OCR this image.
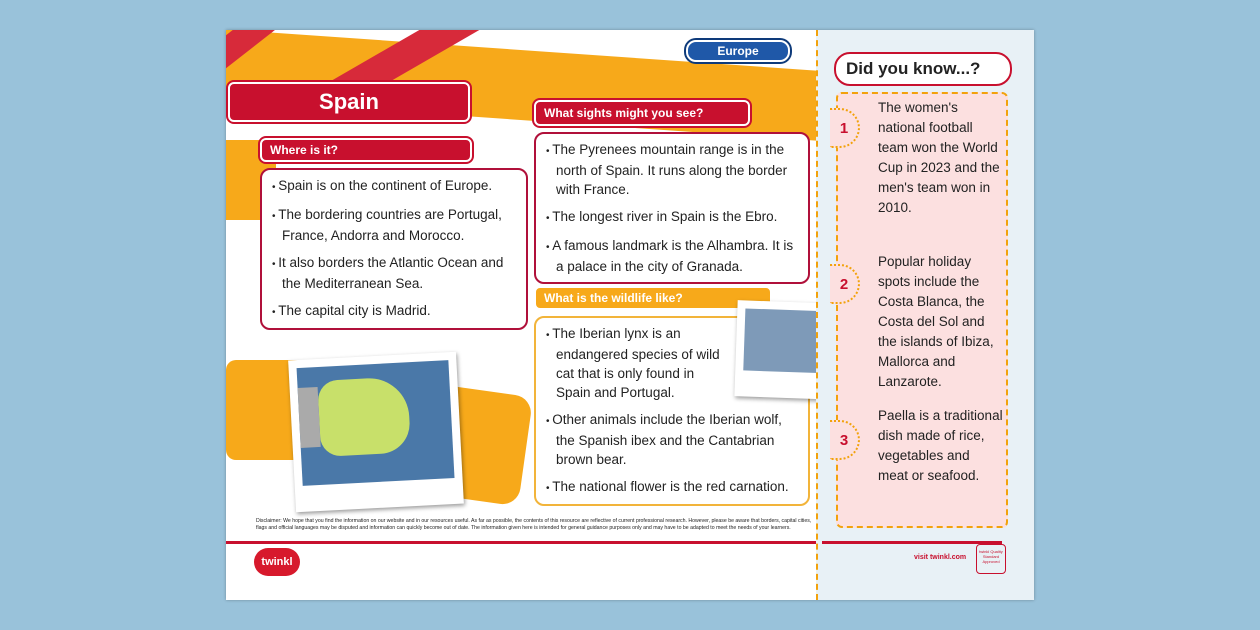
Europe
Spain
Where is it?

• Spain is on the continent of Europe.

• The bordering countries are Portugal, France, Andorra and Morocco.

• It also borders the Atlantic Ocean and the Mediterranean Sea.

• The capital city is Madrid.

What sights might you see?

• The Pyrenees mountain range is in the north of Spain. It runs along the border with France.

• The longest river in Spain is the Ebro.

• A famous landmark is the Alhambra. It is a palace in the city of Granada.

What is the wildlife like?

• The Iberian lynx is an endangered species of wild cat that is only found in Spain and Portugal.

• Other animals include the Iberian wolf, the Spanish ibex and the Cantabrian brown bear.

• The national flower is the red carnation.

1
The women's national football team won the World Cup in 2023 and the men's team won in 2010.
2
Popular holiday spots include the Costa Blanca, the Costa del Sol and the islands of Ibiza, Mallorca and Lanzarote.
3
Paella is a traditional dish made of rice, vegetables and meat or seafood.
Did you know...?
Disclaimer: We hope that you find the information on our website and in our resources useful. As far as possible, the contents of this resource are reflective of current professional research. However, please be aware that borders, capital cities, flags and official languages may be disputed and information can quickly become out of date. The information given here is intended for general guidance purposes only and may have to be adapted to meet the needs of your learners.
twinkl	visit twinkl.com
twinkl Quality Standard Approved
